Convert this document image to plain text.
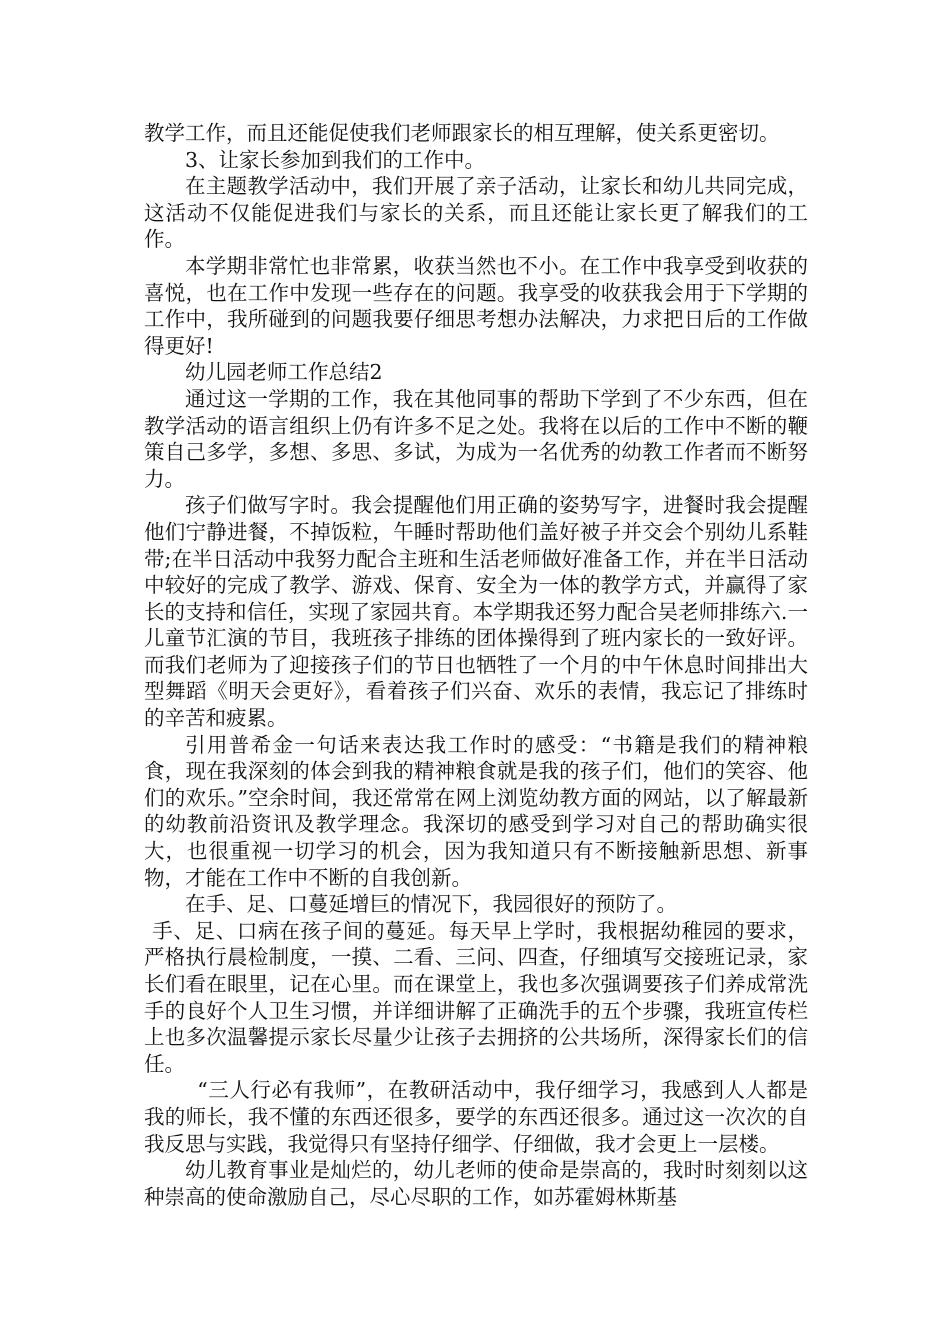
教学工作，而且还能促使我们老师跟家长的相互理解，使关系更密切。

3、让家长参加到我们的工作中。

在主题教学活动中，我们开展了亲子活动，让家长和幼儿共同完成，这活动不仅能促进我们与家长的关系，而且还能让家长更了解我们的工作。

本学期非常忙也非常累，收获当然也不小。在工作中我享受到收获的喜悦，也在工作中发现一些存在的问题。我享受的收获我会用于下学期的工作中，我所碰到的问题我要仔细思考想办法解决，力求把日后的工作做得更好!

幼儿园老师工作总结2

通过这一学期的工作，我在其他同事的帮助下学到了不少东西，但在教学活动的语言组织上仍有许多不足之处。我将在以后的工作中不断的鞭策自己多学，多想、多思、多试，为成为一名优秀的幼教工作者而不断努力。

孩子们做写字时。我会提醒他们用正确的姿势写字，进餐时我会提醒他们宁静进餐，不掉饭粒，午睡时帮助他们盖好被子并交会个别幼儿系鞋带;在半日活动中我努力配合主班和生活老师做好准备工作，并在半日活动中较好的完成了教学、游戏、保育、安全为一体的教学方式，并赢得了家长的支持和信任，实现了家园共育。本学期我还努力配合吴老师排练六.一儿童节汇演的节目，我班孩子排练的团体操得到了班内家长的一致好评。而我们老师为了迎接孩子们的节日也牺牲了一个月的中午休息时间排出大型舞蹈《明天会更好》，看着孩子们兴奋、欢乐的表情，我忘记了排练时的辛苦和疲累。

引用普希金一句话来表达我工作时的感受：“书籍是我们的精神粮食，现在我深刻的体会到我的精神粮食就是我的孩子们，他们的笑容、他们的欢乐。”空余时间，我还常常在网上浏览幼教方面的网站，以了解最新的幼教前沿资讯及教学理念。我深切的感受到学习对自己的帮助确实很大，也很重视一切学习的机会，因为我知道只有不断接触新思想、新事物，才能在工作中不断的自我创新。

在手、足、口蔓延增巨的情况下，我园很好的预防了。

手、足、口病在孩子间的蔓延。每天早上学时，我根据幼稚园的要求，严格执行晨检制度，一摸、二看、三问、四查，仔细填写交接班记录，家长们看在眼里，记在心里。而在课堂上，我也多次强调要孩子们养成常洗手的良好个人卫生习惯，并详细讲解了正确洗手的五个步骤，我班宣传栏上也多次温馨提示家长尽量少让孩子去拥挤的公共场所，深得家长们的信任。

“三人行必有我师”，在教研活动中，我仔细学习，我感到人人都是我的师长，我不懂的东西还很多，要学的东西还很多。通过这一次次的自我反思与实践，我觉得只有坚持仔细学、仔细做，我才会更上一层楼。

幼儿教育事业是灿烂的，幼儿老师的使命是崇高的，我时时刻刻以这种崇高的使命激励自己，尽心尽职的工作，如苏霍姆林斯基
